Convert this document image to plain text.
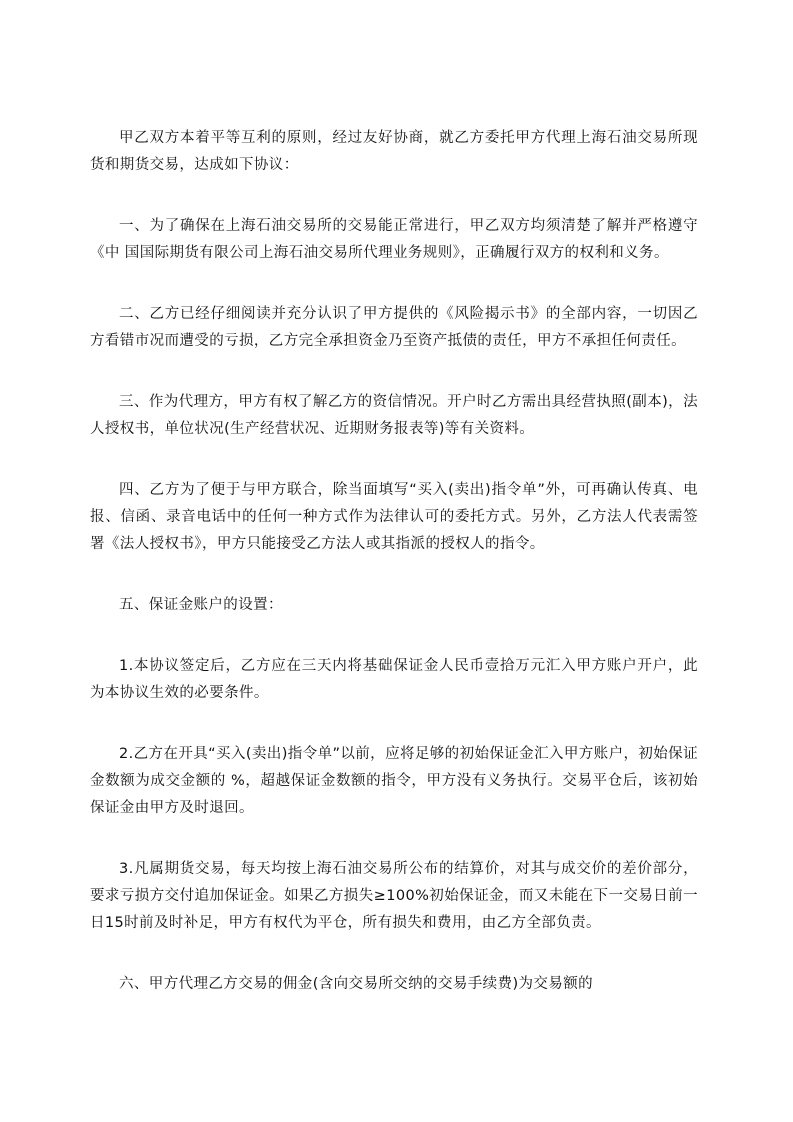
甲乙双方本着平等互利的原则，经过友好协商，就乙方委托甲方代理上海石油交易所现货和期货交易，达成如下协议：

一、为了确保在上海石油交易所的交易能正常进行，甲乙双方均须清楚了解并严格遵守《中 国国际期货有限公司上海石油交易所代理业务规则》，正确履行双方的权利和义务。

二、乙方已经仔细阅读并充分认识了甲方提供的《风险揭示书》的全部内容，一切因乙方看错市况而遭受的亏损，乙方完全承担资金乃至资产抵债的责任，甲方不承担任何责任。

三、作为代理方，甲方有权了解乙方的资信情况。开户时乙方需出具经营执照(副本)，法人授权书，单位状况(生产经营状况、近期财务报表等)等有关资料。

四、乙方为了便于与甲方联合，除当面填写“买入(卖出)指令单”外，可再确认传真、电报、信函、录音电话中的任何一种方式作为法律认可的委托方式。另外，乙方法人代表需签署《法人授权书》，甲方只能接受乙方法人或其指派的授权人的指令。

五、保证金账户的设置：

1.本协议签定后，乙方应在三天内将基础保证金人民币壹拾万元汇入甲方账户开户，此为本协议生效的必要条件。

2.乙方在开具“买入(卖出)指令单”以前，应将足够的初始保证金汇入甲方账户，初始保证金数额为成交金额的 %，超越保证金数额的指令，甲方没有义务执行。交易平仓后，该初始保证金由甲方及时退回。

3.凡属期货交易，每天均按上海石油交易所公布的结算价，对其与成交价的差价部分，要求亏损方交付追加保证金。如果乙方损失≥100%初始保证金，而又未能在下一交易日前一日15时前及时补足，甲方有权代为平仓，所有损失和费用，由乙方全部负责。

六、甲方代理乙方交易的佣金(含向交易所交纳的交易手续费)为交易额的
